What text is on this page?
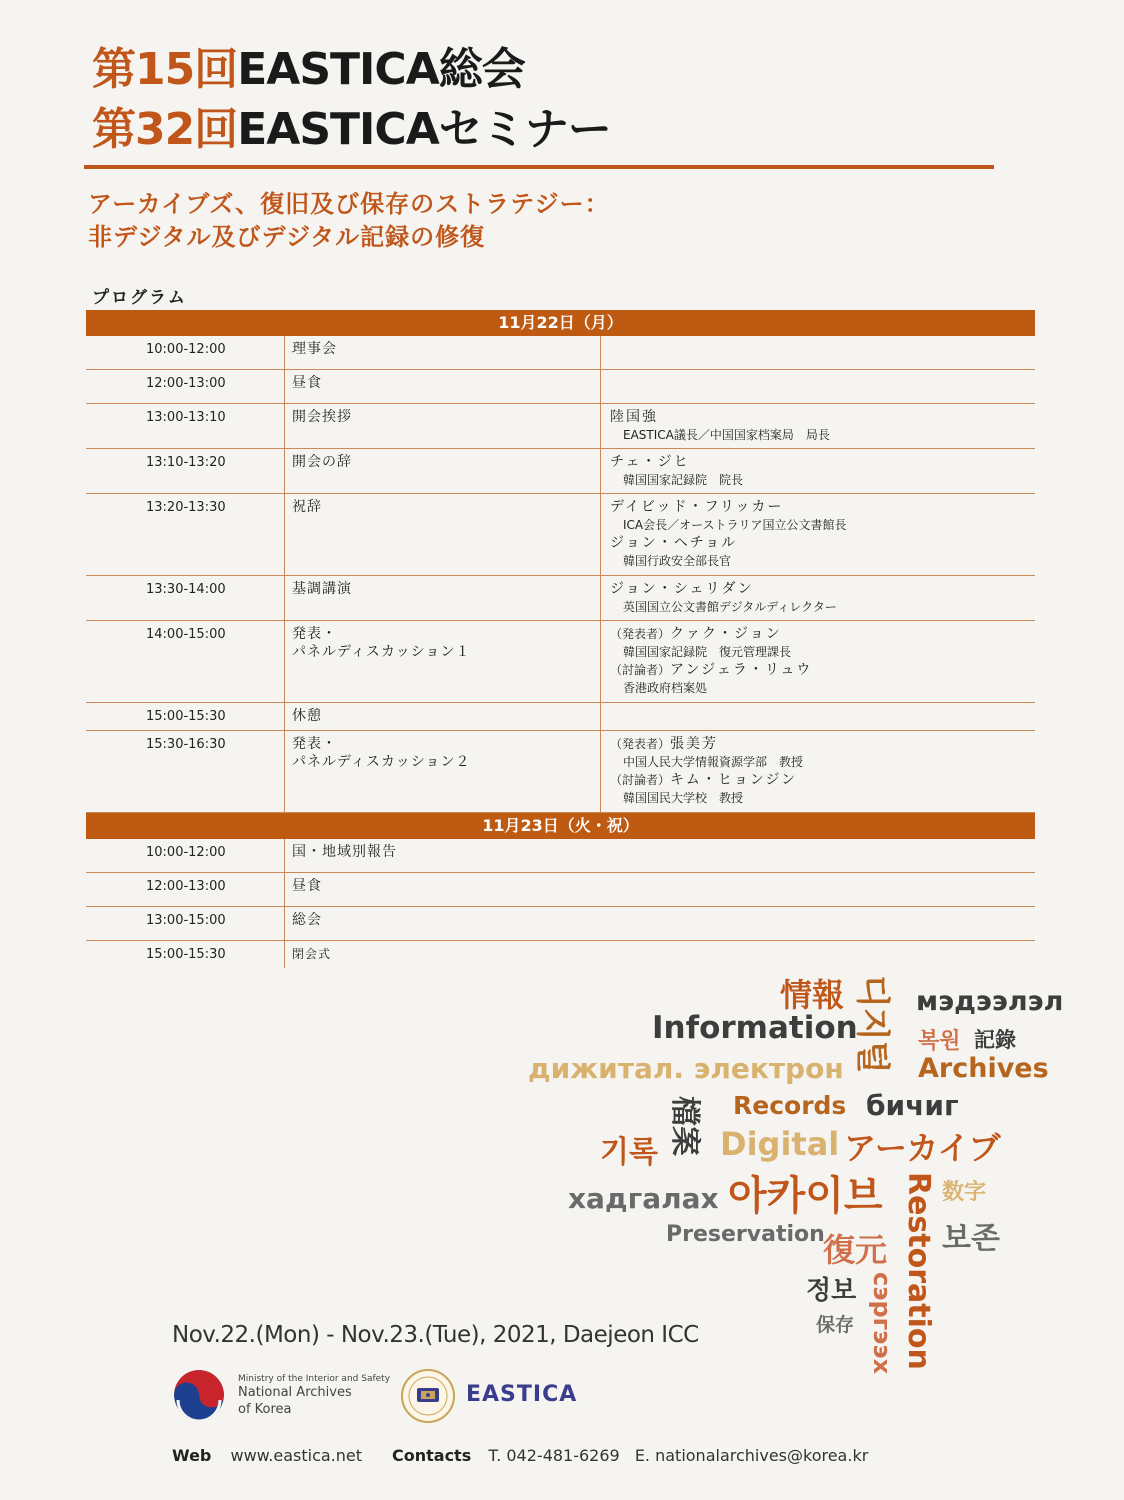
第15回EASTICA総会
第32回EASTICAセミナー
アーカイブズ、復旧及び保存のストラテジー：
非デジタル及びデジタル記録の修復
プログラム
11月22日（月）
10:00-12:00	理事会
12:00-13:00	昼食
13:00-13:10	開会挨拶	陸国強
EASTICA議長／中国国家档案局　局長
13:10-13:20	開会の辞	チェ・ジヒ
韓国国家記録院　院長
13:20-13:30	祝辞	デイビッド・フリッカー
ICA会長／オーストラリア国立公文書館長
ジョン・ヘチョル
韓国行政安全部長官
13:30-14:00	基調講演	ジョン・シェリダン
英国国立公文書館デジタルディレクター
14:00-15:00	発表・
パネルディスカッション１
（発表者）クァク・ジョン
韓国国家記録院　復元管理課長
（討論者）アンジェラ・リュウ
香港政府档案処
15:00-15:30	休憩
15:30-16:30	発表・
パネルディスカッション２
（発表者）張美芳
中国人民大学情報資源学部　教授
（討論者）キム・ヒョンジン
韓国国民大学校　教授
11月23日（火・祝）
10:00-12:00	国・地域別報告
12:00-13:00	昼食
13:00-15:00	総会
15:00-15:30	閉会式
情報 디지털 мэдээлэл
Information	복원 記錄
дижитал. электрон	Archives
檔案	Records бичиг
기록 Digital アーカイブ
хадгалах 아카이브	数字
Restoration
Preservation
復元 보존
정보 cэргээх
保存
Nov.22.(Mon) - Nov.23.(Tue), 2021, Daejeon ICC
Ministry of the Interior and Safety
National Archives
of Korea
EASTICA
Web www.eastica.net Contacts T. 042-481-6269 E. nationalarchives@korea.kr
